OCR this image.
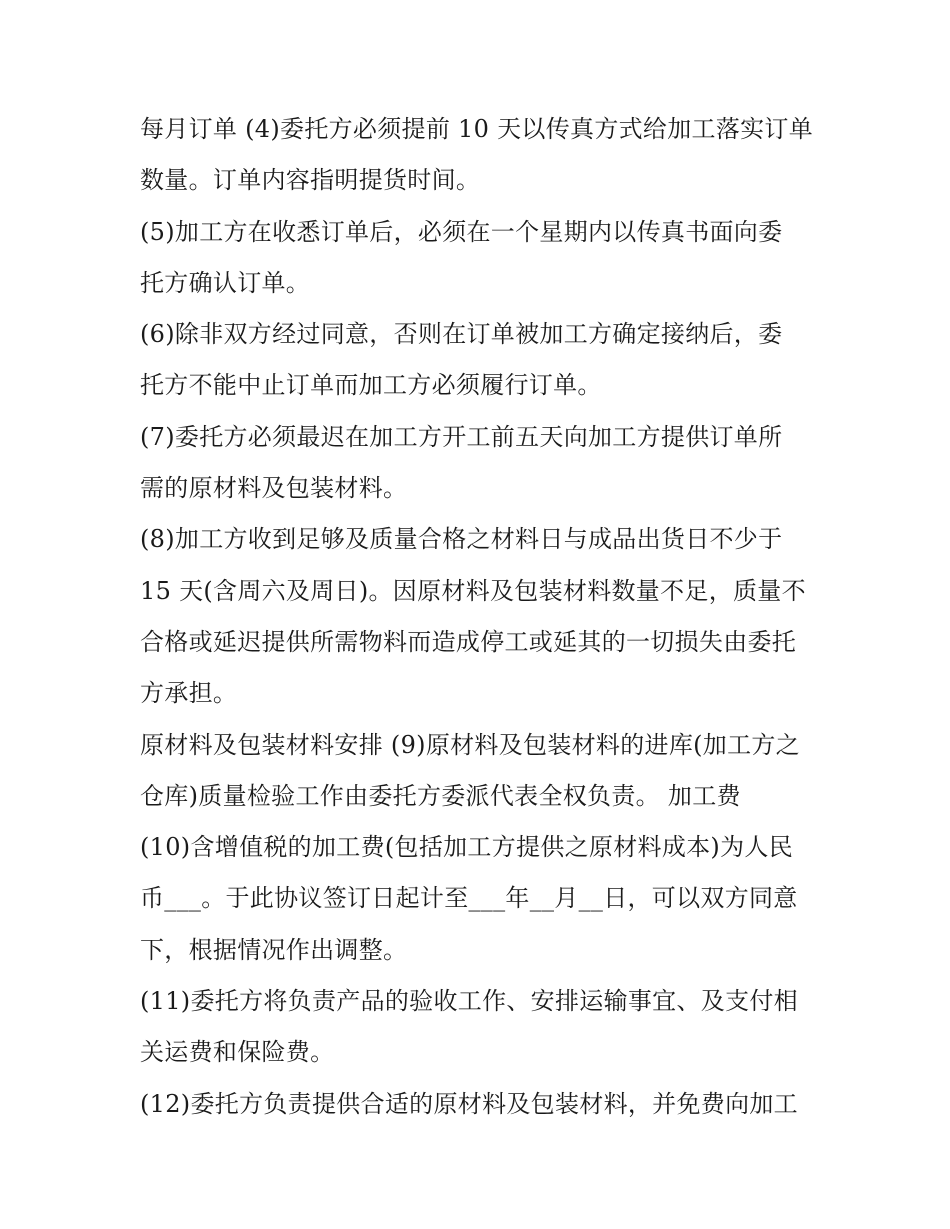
每月订单 (4)委托方必须提前 10 天以传真方式给加工落实订单
数量。订单内容指明提货时间。
(5)加工方在收悉订单后，必须在一个星期内以传真书面向委
托方确认订单。
(6)除非双方经过同意，否则在订单被加工方确定接纳后，委
托方不能中止订单而加工方必须履行订单。
(7)委托方必须最迟在加工方开工前五天向加工方提供订单所
需的原材料及包装材料。
(8)加工方收到足够及质量合格之材料日与成品出货日不少于
15 天(含周六及周日)。因原材料及包装材料数量不足，质量不
合格或延迟提供所需物料而造成停工或延其的一切损失由委托
方承担。
原材料及包装材料安排 (9)原材料及包装材料的进库(加工方之
仓库)质量检验工作由委托方委派代表全权负责。 加工费
(10)含增值税的加工费(包括加工方提供之原材料成本)为人民
币___。于此协议签订日起计至___年__月__日，可以双方同意
下，根据情况作出调整。
(11)委托方将负责产品的验收工作、安排运输事宜、及支付相
关运费和保险费。
(12)委托方负责提供合适的原材料及包装材料，并免费向加工
